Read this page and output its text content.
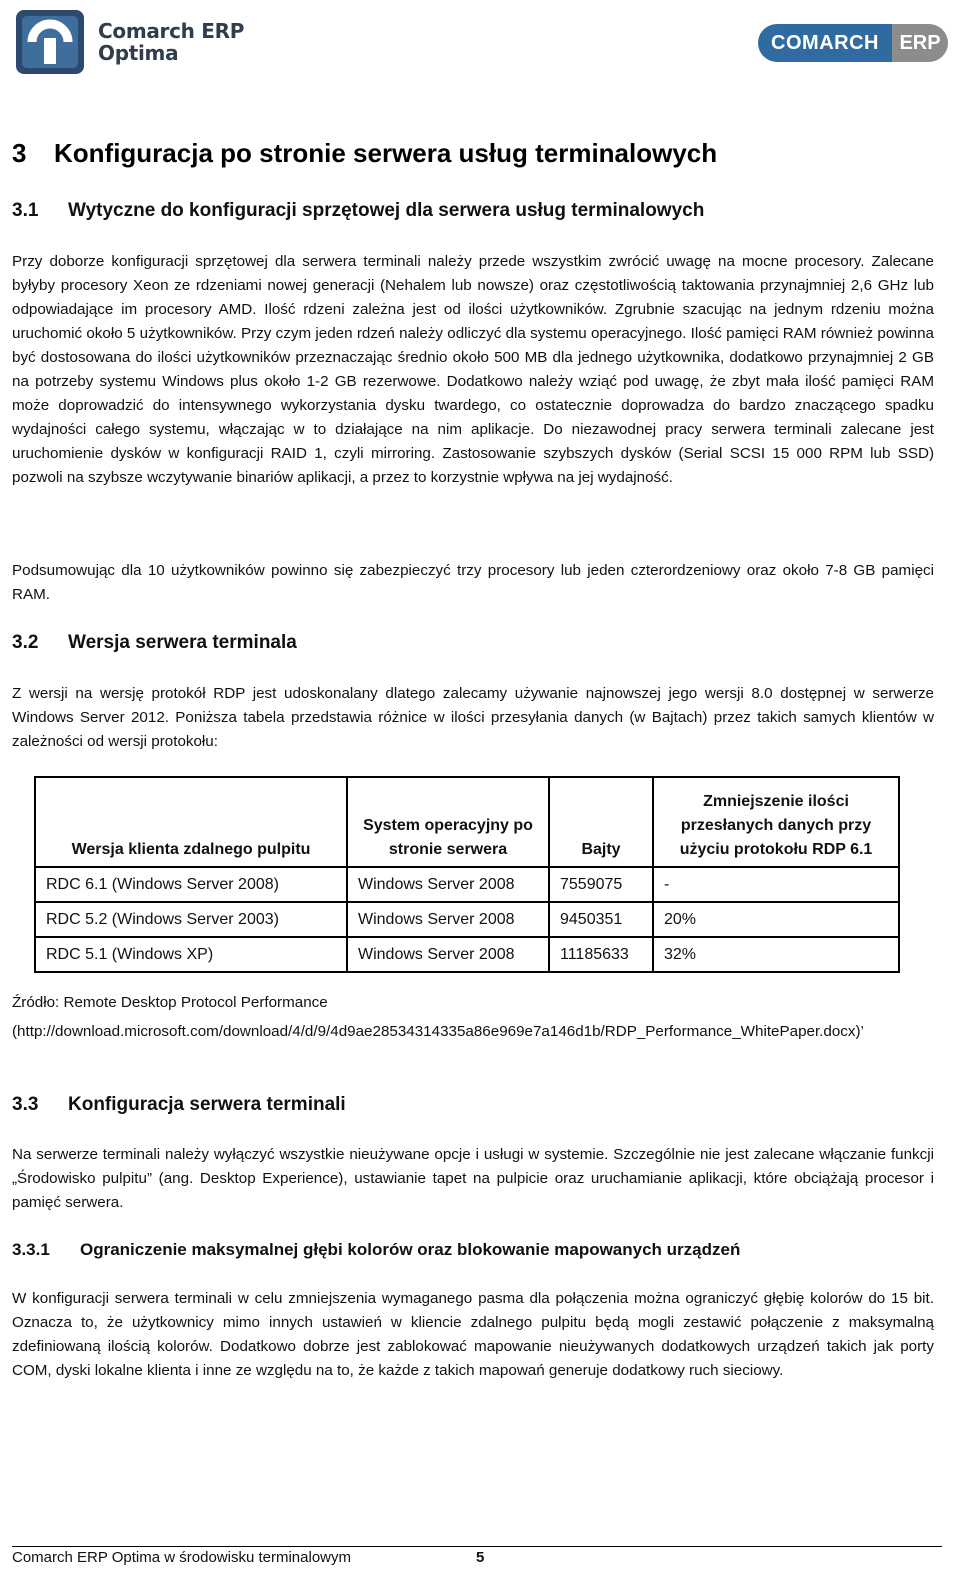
Comarch ERP
Optima	COMARCH	ERP
3 Konfiguracja po stronie serwera usług terminalowych
3.1 Wytyczne do konfiguracji sprzętowej dla serwera usług terminalowych

Przy doborze konfiguracji sprzętowej dla serwera terminali należy przede wszystkim zwrócić uwagę na mocne procesory. Zalecane byłyby procesory Xeon ze rdzeniami nowej generacji (Nehalem lub nowsze) oraz częstotliwością taktowania przynajmniej 2,6 GHz lub odpowiadające im procesory AMD. Ilość rdzeni zależna jest od ilości użytkowników. Zgrubnie szacując na jednym rdzeniu można uruchomić około 5 użytkowników. Przy czym jeden rdzeń należy odliczyć dla systemu operacyjnego. Ilość pamięci RAM również powinna być dostosowana do ilości użytkowników przeznaczając średnio około 500 MB dla jednego użytkownika, dodatkowo przynajmniej 2 GB na potrzeby systemu Windows plus około 1-2 GB rezerwowe. Dodatkowo należy wziąć pod uwagę, że zbyt mała ilość pamięci RAM może doprowadzić do intensywnego wykorzystania dysku twardego, co ostatecznie doprowadza do bardzo znaczącego spadku wydajności całego systemu, włączając w to działające na nim aplikacje. Do niezawodnej pracy serwera terminali zalecane jest uruchomienie dysków w konfiguracji RAID 1, czyli mirroring. Zastosowanie szybszych dysków (Serial SCSI 15 000 RPM lub SSD) pozwoli na szybsze wczytywanie binariów aplikacji, a przez to korzystnie wpływa na jej wydajność.

Podsumowując dla 10 użytkowników powinno się zabezpieczyć trzy procesory lub jeden czterordzeniowy oraz około 7-8 GB pamięci RAM.

3.2 Wersja serwera terminala

Z wersji na wersję protokół RDP jest udoskonalany dlatego zalecamy używanie najnowszej jego wersji 8.0 dostępnej w serwerze Windows Server 2012. Poniższa tabela przedstawia różnice w ilości przesyłania danych (w Bajtach) przez takich samych klientów w zależności od wersji protokołu:

Wersja klienta zdalnego pulpitu	System operacyjny po stronie serwera	Bajty	Zmniejszenie ilości przesłanych danych przy użyciu protokołu RDP 6.1
RDC 6.1 (Windows Server 2008)	Windows Server 2008	7559075	-
RDC 5.2 (Windows Server 2003)	Windows Server 2008	9450351	20%
RDC 5.1 (Windows XP)	Windows Server 2008	11185633	32%
Źródło: Remote Desktop Protocol Performance
(http://download.microsoft.com/download/4/d/9/4d9ae28534314335a86e969e7a146d1b/RDP_Performance_WhitePaper.docx)’
3.3 Konfiguracja serwera terminali

Na serwerze terminali należy wyłączyć wszystkie nieużywane opcje i usługi w systemie. Szczególnie nie jest zalecane włączanie funkcji „Środowisko pulpitu” (ang. Desktop Experience), ustawianie tapet na pulpicie oraz uruchamianie aplikacji, które obciążają procesor i pamięć serwera.

3.3.1 Ograniczenie maksymalnej głębi kolorów oraz blokowanie mapowanych urządzeń

W konfiguracji serwera terminali w celu zmniejszenia wymaganego pasma dla połączenia można ograniczyć głębię kolorów do 15 bit. Oznacza to, że użytkownicy mimo innych ustawień w kliencie zdalnego pulpitu będą mogli zestawić połączenie z maksymalną zdefiniowaną ilością kolorów. Dodatkowo dobrze jest zablokować mapowanie nieużywanych dodatkowych urządzeń takich jak porty COM, dyski lokalne klienta i inne ze względu na to, że każde z takich mapowań generuje dodatkowy ruch sieciowy.

Comarch ERP Optima w środowisku terminalowym	5
